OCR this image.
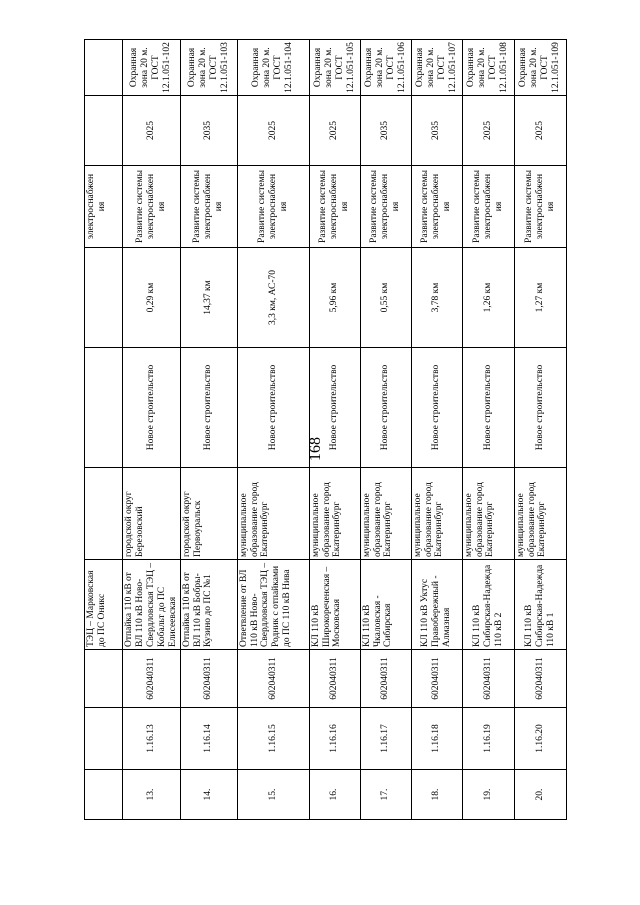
168
			ТЭЦ – Марковская до ПС Оникс				электроснабжен ия		
13.	1.16.13	602040311	Отпайка 110 кВ от ВЛ 110 кВ Ново-Свердловская ТЭЦ – Кобальт до ПС Елисеевская	городской округ Березовский	Новое строительство	0,29 км	Развитие системы электроснабжен ия	2025	Охранная зона 20 м. ГОСТ 12.1.051-102
14.	1.16.14	602040311	Отпайка 110 кВ от ВЛ 110 кВ Бобры-Кузино до ПС №1	городской округ Первоуральск	Новое строительство	14,37 км	Развитие системы электроснабжен ия	2035	Охранная зона 20 м. ГОСТ 12.1.051-103
15.	1.16.15	602040311	Ответвление от ВЛ 110 кВ Ново-Свердловская ТЭЦ – Родник с отпайками до ПС 110 кВ Нива	муниципальное образование город Екатеринбург	Новое строительство	3,3 км, АС-70	Развитие системы электроснабжен ия	2025	Охранная зона 20 м. ГОСТ 12.1.051-104
16.	1.16.16	602040311	КЛ 110 кВ Широкореченская – Московская	муниципальное образование город Екатеринбург	Новое строительство	5,96 км	Развитие системы электроснабжен ия	2025	Охранная зона 20 м. ГОСТ 12.1.051-105
17.	1.16.17	602040311	КЛ 110 кВ Чкаловская - Сибирская	муниципальное образование город Екатеринбург	Новое строительство	0,55 км	Развитие системы электроснабжен ия	2035	Охранная зона 20 м. ГОСТ 12.1.051-106
18.	1.16.18	602040311	КЛ 110 кВ Уктус Правобережный - Алмазная	муниципальное образование город Екатеринбург	Новое строительство	3,78 км	Развитие системы электроснабжен ия	2035	Охранная зона 20 м. ГОСТ 12.1.051-107
19.	1.16.19	602040311	КЛ 110 кВ Сибирская-Надежда 110 кВ 2	муниципальное образование город Екатеринбург	Новое строительство	1,26 км	Развитие системы электроснабжен ия	2025	Охранная зона 20 м. ГОСТ 12.1.051-108
20.	1.16.20	602040311	КЛ 110 кВ Сибирская-Надежда 110 кВ 1	муниципальное образование город Екатеринбург	Новое строительство	1,27 км	Развитие системы электроснабжен ия	2025	Охранная зона 20 м. ГОСТ 12.1.051-109
